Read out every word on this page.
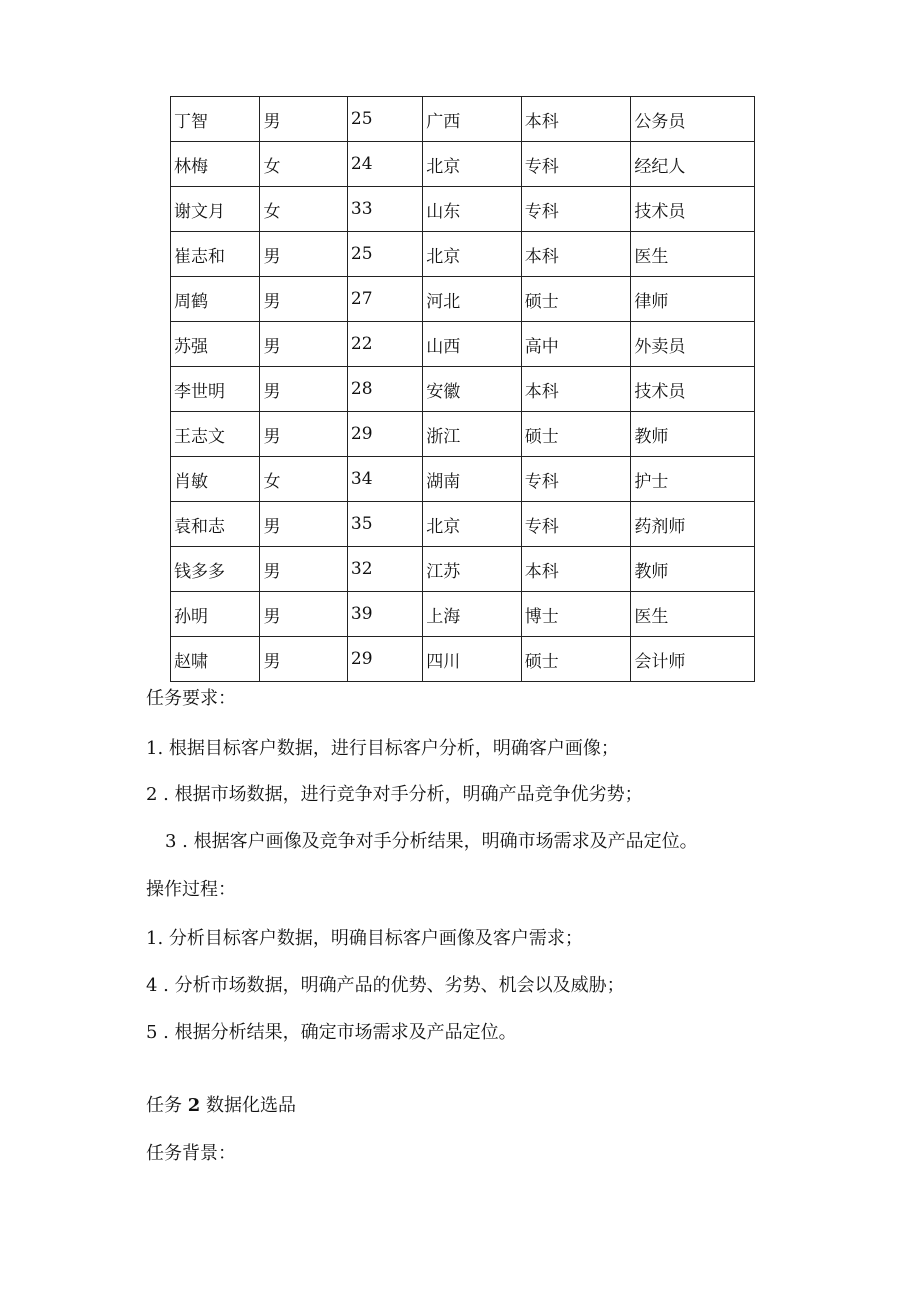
丁智	男	25	广西	本科	公务员
林梅	女	24	北京	专科	经纪人
谢文月	女	33	山东	专科	技术员
崔志和	男	25	北京	本科	医生
周鹤	男	27	河北	硕士	律师
苏强	男	22	山西	高中	外卖员
李世明	男	28	安徽	本科	技术员
王志文	男	29	浙江	硕士	教师
肖敏	女	34	湖南	专科	护士
袁和志	男	35	北京	专科	药剂师
钱多多	男	32	江苏	本科	教师
孙明	男	39	上海	博士	医生
赵啸	男	29	四川	硕士	会计师
任务要求：
1. 根据目标客户数据，进行目标客户分析，明确客户画像；
2 . 根据市场数据，进行竞争对手分析，明确产品竞争优劣势；
3 . 根据客户画像及竞争对手分析结果，明确市场需求及产品定位。
操作过程：
1. 分析目标客户数据，明确目标客户画像及客户需求；
4 . 分析市场数据，明确产品的优势、劣势、机会以及威胁；
5 . 根据分析结果，确定市场需求及产品定位。
任务 2 数据化选品
任务背景：
